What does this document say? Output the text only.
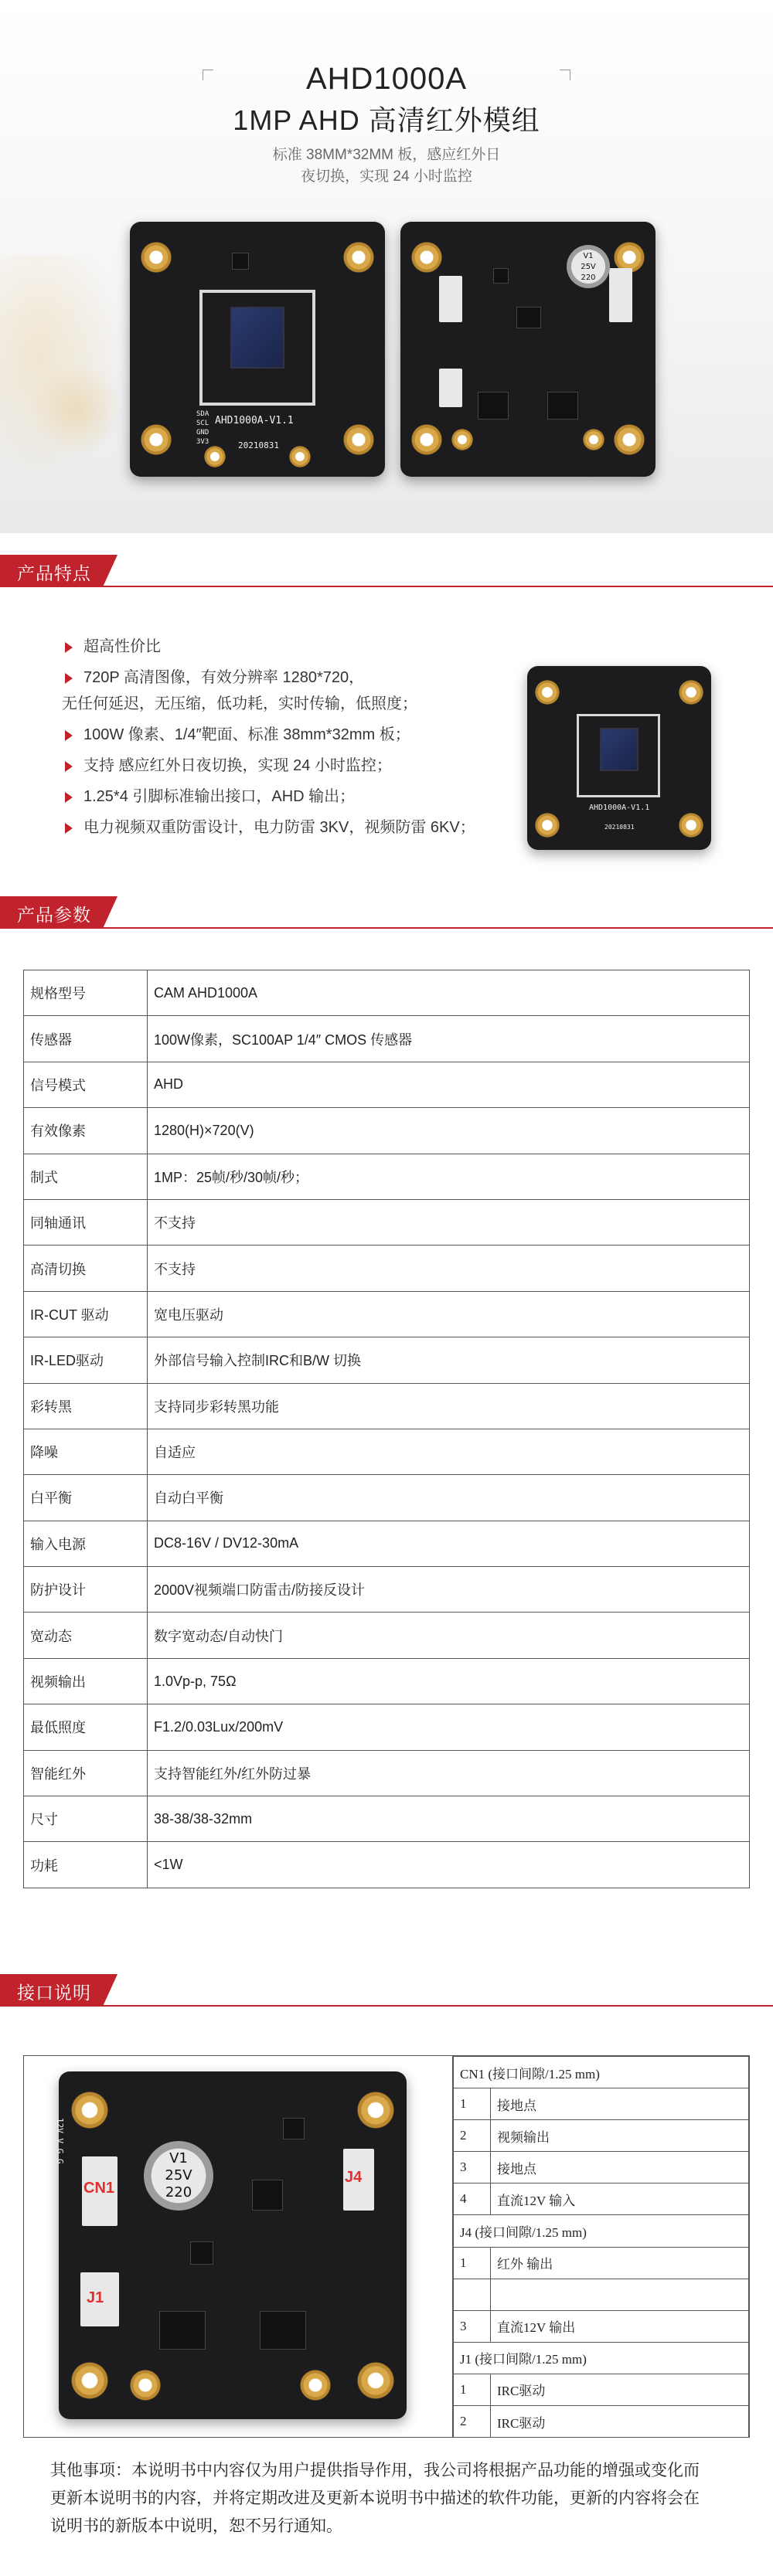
AHD1000A
1MP AHD 高清红外模组
标准 38MM*32MM 板，感应红外日
夜切换，实现 24 小时监控
AHD1000A-V1.1
20210831
SDA
SCL
GND
3V3
V1
25V
220
产品特点
超高性价比
720P 高清图像，有效分辨率 1280*720，
无任何延迟，无压缩，低功耗，实时传输，低照度；
100W 像素、1/4″靶面、标准 38mm*32mm 板；
支持 感应红外日夜切换，实现 24 小时监控；
1.25*4 引脚标准输出接口，AHD 输出；
电力视频双重防雷设计，电力防雷 3KV，视频防雷 6KV；
AHD1000A-V1.1
20210831
产品参数
规格型号	CAM AHD1000A
传感器	100W像素，SC100AP 1/4″ CMOS 传感器
信号模式	AHD
有效像素	1280(H)×720(V)
制式	1MP：25帧/秒/30帧/秒；
同轴通讯	不支持
高清切换	不支持
IR-CUT 驱动	宽电压驱动
IR-LED驱动	外部信号输入控制IRC和B/W 切换
彩转黑	支持同步彩转黑功能
降噪	自适应
白平衡	自动白平衡
输入电源	DC8-16V / DV12-30mA
防护设计	2000V视频端口防雷击/防接反设计
宽动态	数字宽动态/自动快门
视频输出	1.0Vp-p, 75Ω
最低照度	F1.2/0.03Lux/200mV
智能红外	支持智能红外/红外防过暴
尺寸	38-38/38-32mm
功耗	<1W
接口说明
CN1
J4
J1
V1
25V
220
12V V G G
CN1 (接口间隙/1.25 mm)	
1	接地点
2	视频输出
3	接地点
4	直流12V 输入
J4 (接口间隙/1.25 mm)	
1	红外 输出

3	直流12V 输出
J1 (接口间隙/1.25 mm)	
1	IRC驱动
2	IRC驱动
其他事项：本说明书中内容仅为用户提供指导作用，我公司将根据产品功能的增强或变化而
更新本说明书的内容，并将定期改进及更新本说明书中描述的软件功能，更新的内容将会在
说明书的新版本中说明，恕不另行通知。
